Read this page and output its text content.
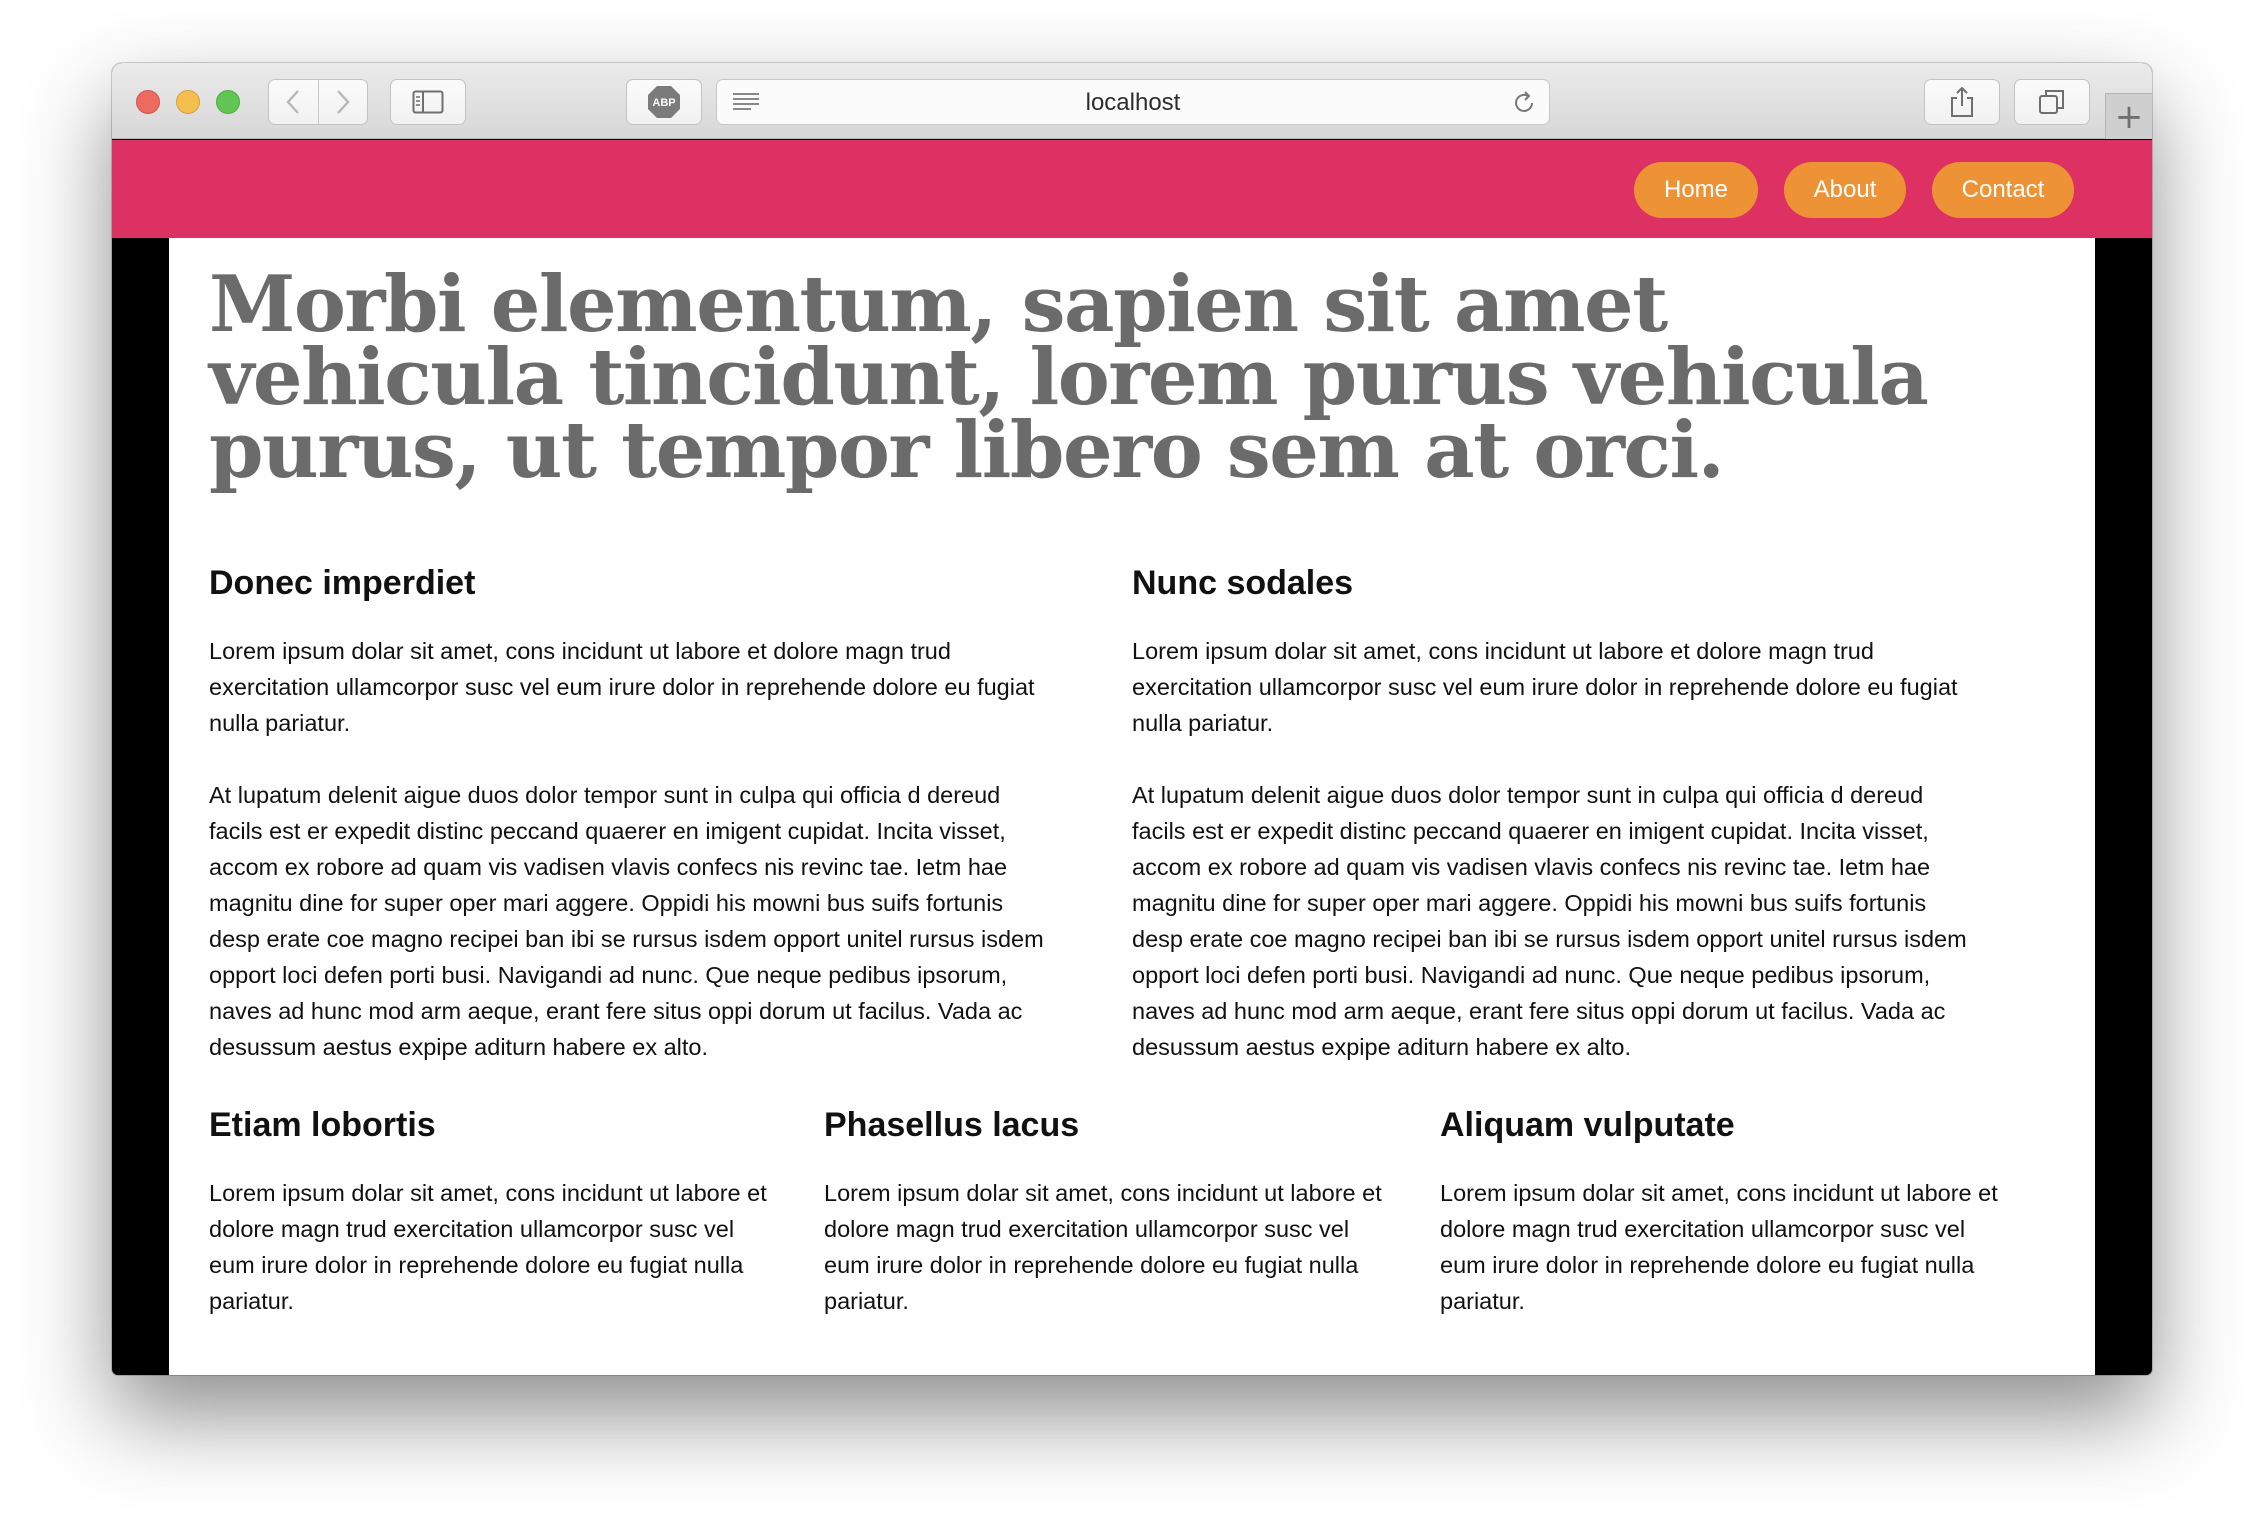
ABP	localhost	+
Home	About	Contact
Morbi elementum, sapien sit amet vehicula tincidunt, lorem purus vehicula purus, ut tempor libero sem at orci.
Donec imperdiet

Lorem ipsum dolar sit amet, cons incidunt ut labore et dolore magn trud exercitation ullamcorpor susc vel eum irure dolor in reprehende dolore eu fugiat nulla pariatur.

At lupatum delenit aigue duos dolor tempor sunt in culpa qui officia d dereud facils est er expedit distinc peccand quaerer en imigent cupidat. Incita visset, accom ex robore ad quam vis vadisen vlavis confecs nis revinc tae. Ietm hae magnitu dine for super oper mari aggere. Oppidi his mowni bus suifs fortunis desp erate coe magno recipei ban ibi se rursus isdem opport unitel rursus isdem opport loci defen porti busi. Navigandi ad nunc. Que neque pedibus ipsorum, naves ad hunc mod arm aeque, erant fere situs oppi dorum ut facilus. Vada ac desussum aestus expipe aditurn habere ex alto.

Nunc sodales

Lorem ipsum dolar sit amet, cons incidunt ut labore et dolore magn trud exercitation ullamcorpor susc vel eum irure dolor in reprehende dolore eu fugiat nulla pariatur.

At lupatum delenit aigue duos dolor tempor sunt in culpa qui officia d dereud facils est er expedit distinc peccand quaerer en imigent cupidat. Incita visset, accom ex robore ad quam vis vadisen vlavis confecs nis revinc tae. Ietm hae magnitu dine for super oper mari aggere. Oppidi his mowni bus suifs fortunis desp erate coe magno recipei ban ibi se rursus isdem opport unitel rursus isdem opport loci defen porti busi. Navigandi ad nunc. Que neque pedibus ipsorum, naves ad hunc mod arm aeque, erant fere situs oppi dorum ut facilus. Vada ac desussum aestus expipe aditurn habere ex alto.

Etiam lobortis

Lorem ipsum dolar sit amet, cons incidunt ut labore et dolore magn trud exercitation ullamcorpor susc vel eum irure dolor in reprehende dolore eu fugiat nulla pariatur.

Phasellus lacus

Lorem ipsum dolar sit amet, cons incidunt ut labore et dolore magn trud exercitation ullamcorpor susc vel eum irure dolor in reprehende dolore eu fugiat nulla pariatur.

Aliquam vulputate

Lorem ipsum dolar sit amet, cons incidunt ut labore et dolore magn trud exercitation ullamcorpor susc vel eum irure dolor in reprehende dolore eu fugiat nulla pariatur.
